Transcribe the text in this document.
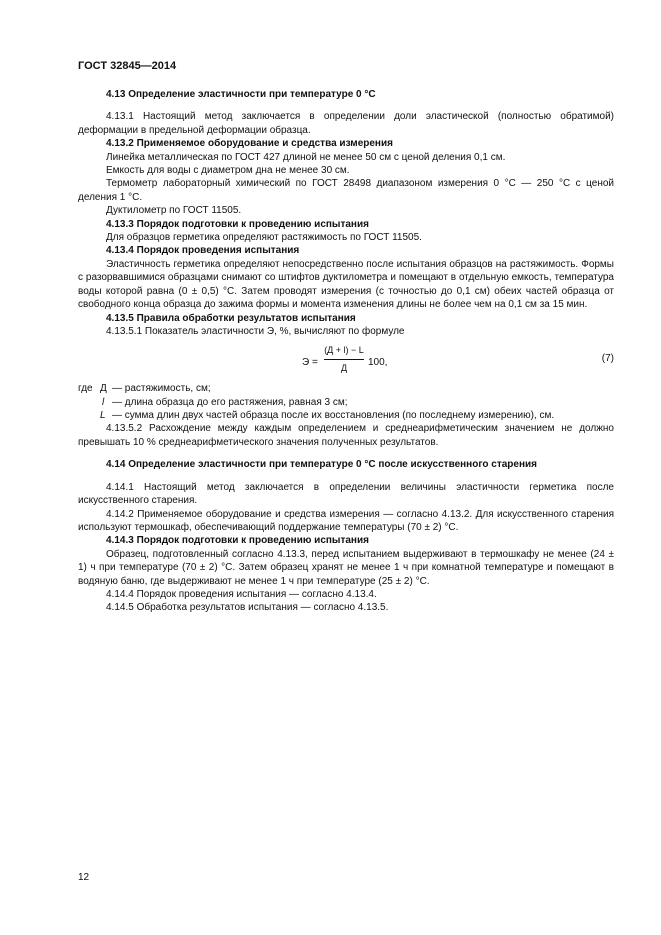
ГОСТ 32845—2014

4.13 Определение эластичности при температуре 0 °С

4.13.1 Настоящий метод заключается в определении доли эластической (полностью обратимой) деформации в предельной деформации образца.

4.13.2 Применяемое оборудование и средства измерения

Линейка металлическая по ГОСТ 427 длиной не менее 50 см с ценой деления 0,1 см.

Емкость для воды с диаметром дна не менее 30 см.

Термометр лабораторный химический по ГОСТ 28498 диапазоном измерения 0 °С — 250 °С с ценой деления 1 °С.

Дуктилометр по ГОСТ 11505.

4.13.3 Порядок подготовки к проведению испытания

Для образцов герметика определяют растяжимость по ГОСТ 11505.

4.13.4 Порядок проведения испытания

Эластичность герметика определяют непосредственно после испытания образцов на растяжимость. Формы с разорвавшимися образцами снимают со штифтов дуктилометра и помещают в отдельную емкость, температура воды которой равна (0 ± 0,5) °С. Затем проводят измерения (с точностью до 0,1 см) обеих частей образца от свободного конца образца до зажима формы и момента изменения длины не более чем на 0,1 см за 15 мин.

4.13.5 Правила обработки результатов испытания

4.13.5.1 Показатель эластичности Э, %, вычисляют по формуле

Э =
(Д + l) − L
Д	100,	(7)
где Д — растяжимость, см;
l — длина образца до его растяжения, равная 3 см;
L — сумма длин двух частей образца после их восстановления (по последнему измерению), см.

4.13.5.2 Расхождение между каждым определением и среднеарифметическим значением не должно превышать 10 % среднеарифметического значения полученных результатов.

4.14 Определение эластичности при температуре 0 °С после искусственного старения

4.14.1 Настоящий метод заключается в определении величины эластичности герметика после искусственного старения.

4.14.2 Применяемое оборудование и средства измерения — согласно 4.13.2. Для искусственного старения используют термошкаф, обеспечивающий поддержание температуры (70 ± 2) °С.

4.14.3 Порядок подготовки к проведению испытания

Образец, подготовленный согласно 4.13.3, перед испытанием выдерживают в термошкафу не менее (24 ± 1) ч при температуре (70 ± 2) °С. Затем образец хранят не менее 1 ч при комнатной температуре и помещают в водяную баню, где выдерживают не менее 1 ч при температуре (25 ± 2) °С.

4.14.4 Порядок проведения испытания — согласно 4.13.4.

4.14.5 Обработка результатов испытания — согласно 4.13.5.

12
